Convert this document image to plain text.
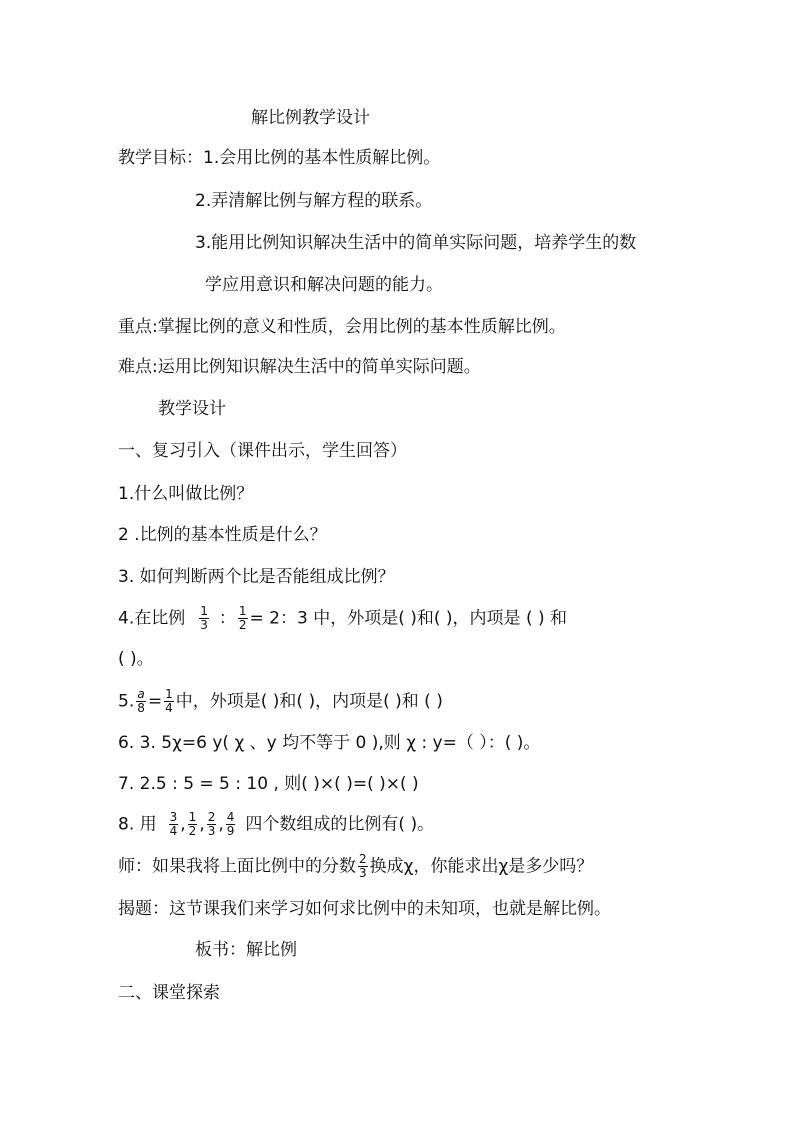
解比例教学设计
教学目标：1.会用比例的基本性质解比例。
2.弄清解比例与解方程的联系。
3.能用比例知识解决生活中的简单实际问题，培养学生的数
学应用意识和解决问题的能力。
重点:掌握比例的意义和性质，会用比例的基本性质解比例。
难点:运用比例知识解决生活中的简单实际问题。
教学设计
一、复习引入（课件出示，学生回答）
1.什么叫做比例？
2 .比例的基本性质是什么？
3. 如何判断两个比是否能组成比例？
4.在比例 $\frac{1}{3}$ ： $\frac{1}{2} = 2$：3 中，外项是( )和( )，内项是 ( ) 和
( )。
5. $\frac{a}{8} = \frac{1}{4}$ 中，外项是( )和( )，内项是( )和 ( )
6. 3. 5χ=6 y( χ 、y 均不等于 0 ),则 χ : y=（ ）：( )。
7. 2.5 : 5 = 5 : 10 , 则( )×( )=( )×( )
8. 用 $\frac{3}{4}$ , $\frac{1}{2}$ , $\frac{2}{3}$ , $\frac{4}{9}$ 四个数组成的比例有( )。
师：如果我将上面比例中的分数 $\frac{2}{3}$ 换成χ，你能求出χ是多少吗？
揭题：这节课我们来学习如何求比例中的未知项，也就是解比例。
板书：解比例
二、课堂探索
